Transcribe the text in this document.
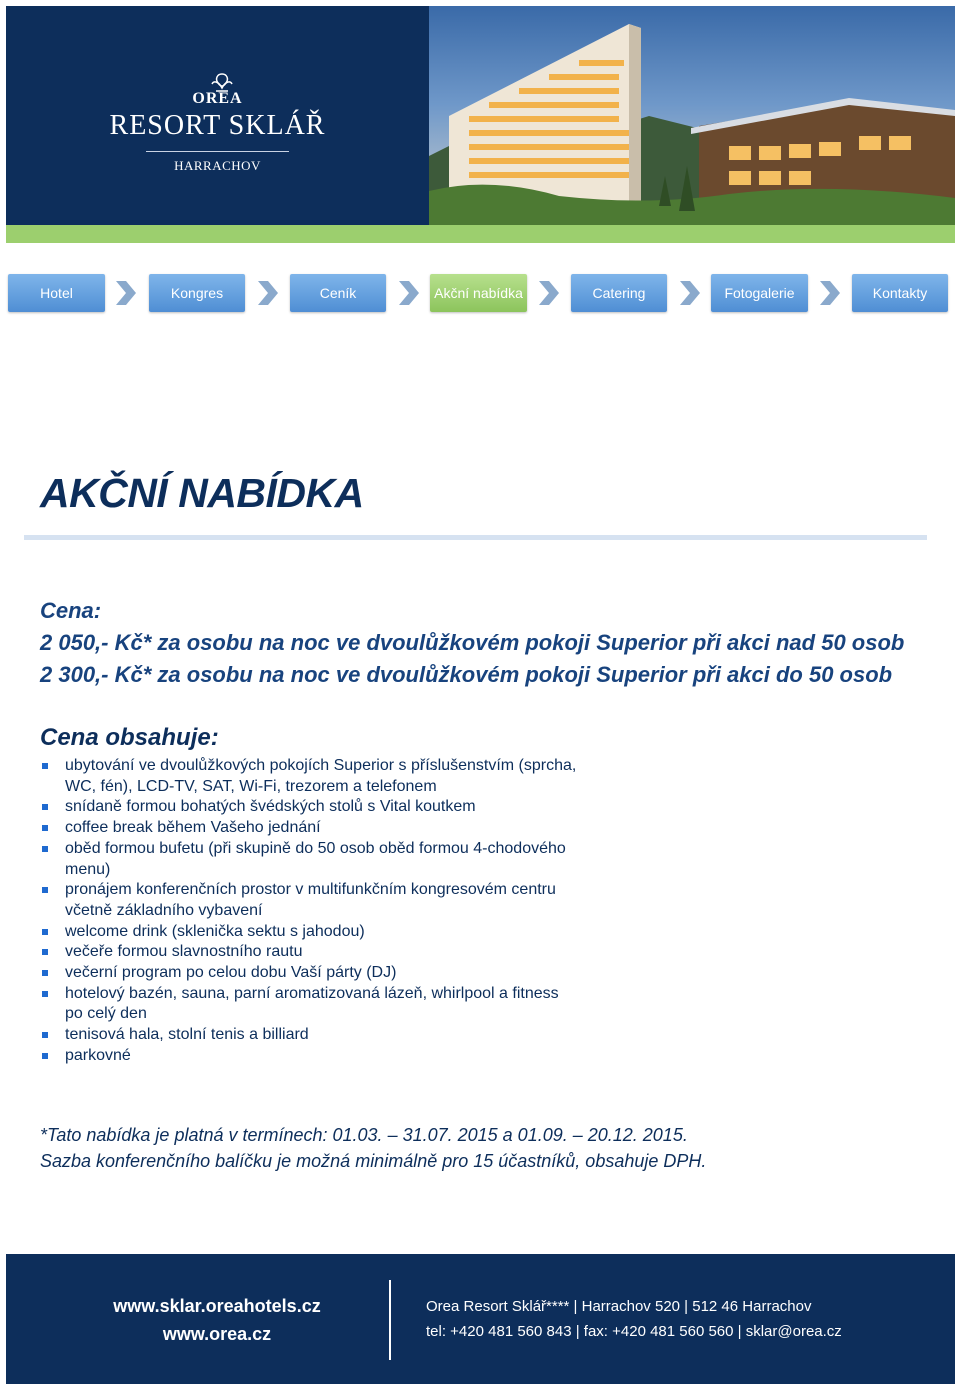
OREA
RESORT SKLÁŘ
HARRACHOV
Hotel	Kongres	Ceník	Akční nabídka	Catering	Fotogalerie	Kontakty
AKČNÍ NABÍDKA
Cena:
2 050,- Kč* za osobu na noc ve dvoulůžkovém pokoji Superior při akci nad 50 osob
2 300,- Kč* za osobu na noc ve dvoulůžkovém pokoji Superior při akci do 50 osob
Cena obsahuje:
ubytování ve dvoulůžkových pokojích Superior s příslušenstvím (sprcha, WC, fén), LCD-TV, SAT, Wi-Fi, trezorem a telefonem
snídaně formou bohatých švédských stolů s Vital koutkem
coffee break během Vašeho jednání
oběd formou bufetu (při skupině do 50 osob oběd formou 4-chodového menu)
pronájem konferenčních prostor v multifunkčním kongresovém centru včetně základního vybavení
welcome drink (sklenička sektu s jahodou)
večeře formou slavnostního rautu
večerní program po celou dobu Vaší párty (DJ)
hotelový bazén, sauna, parní aromatizovaná lázeň, whirlpool a fitness po celý den
tenisová hala, stolní tenis a billiard
parkovné
*Tato nabídka je platná v termínech: 01.03. – 31.07. 2015 a 01.09. – 20.12. 2015.
Sazba konferenčního balíčku je možná minimálně pro 15 účastníků, obsahuje DPH.
www.sklar.oreahotels.cz
www.orea.cz
Orea Resort Sklář**** | Harrachov 520 | 512 46 Harrachov
tel: +420 481 560 843 | fax: +420 481 560 560 | sklar@orea.cz
